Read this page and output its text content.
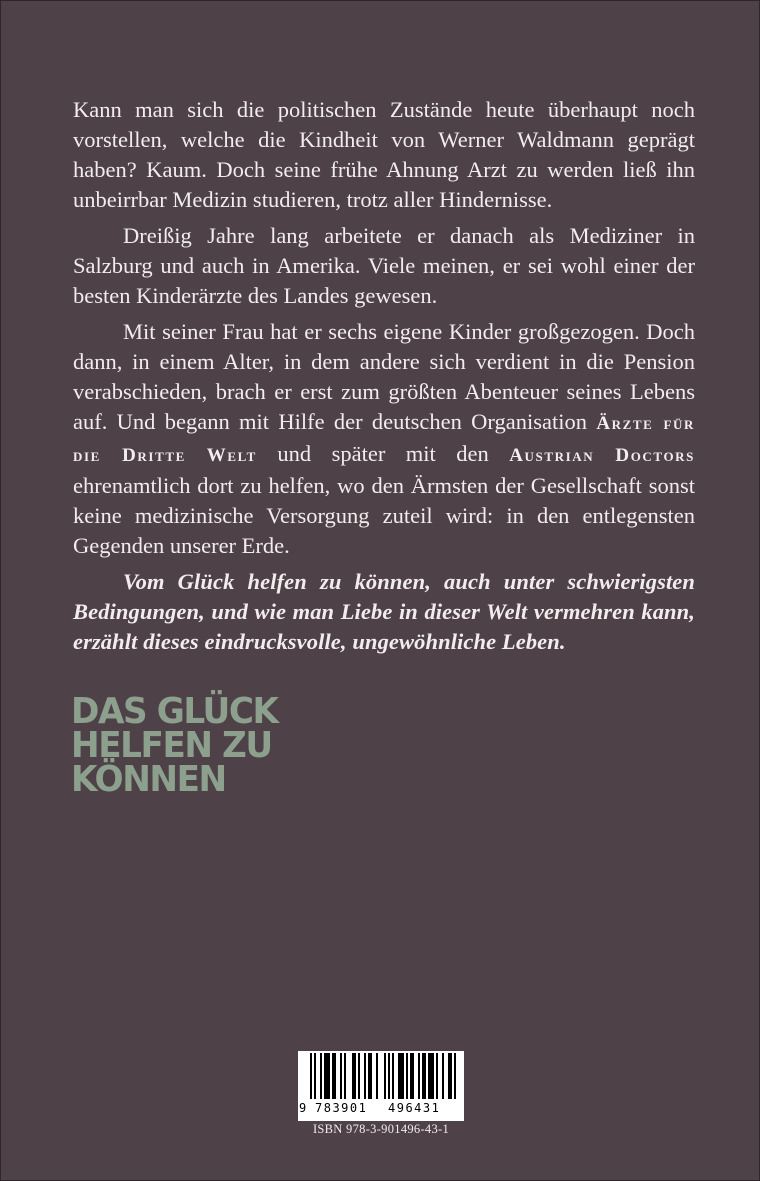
Kann man sich die politischen Zustände heute überhaupt noch vorstellen, welche die Kindheit von Werner Waldmann geprägt haben? Kaum. Doch seine frühe Ahnung Arzt zu werden ließ ihn unbeirrbar Medizin studieren, trotz aller Hindernisse.

Dreißig Jahre lang arbeitete er danach als Mediziner in Salzburg und auch in Amerika. Viele meinen, er sei wohl einer der besten Kinderärzte des Landes gewesen.

Mit seiner Frau hat er sechs eigene Kinder großgezogen. Doch dann, in einem Alter, in dem andere sich verdient in die Pension verabschieden, brach er erst zum größten Abenteuer seines Lebens auf. Und begann mit Hilfe der deutschen Organisation Ärzte für die Dritte Welt und später mit den Austrian Doctors ehrenamtlich dort zu helfen, wo den Ärmsten der Gesellschaft sonst keine medizinische Versorgung zuteil wird: in den entlegensten Gegenden unserer Erde.

Vom Glück helfen zu können, auch unter schwierigsten Bedingungen, und wie man Liebe in dieser Welt vermehren kann, erzählt dieses eindrucksvolle, ungewöhnliche Leben.

DAS GLÜCK
HELFEN ZU
KÖNNEN
9 783901 496431
ISBN 978-3-901496-43-1
